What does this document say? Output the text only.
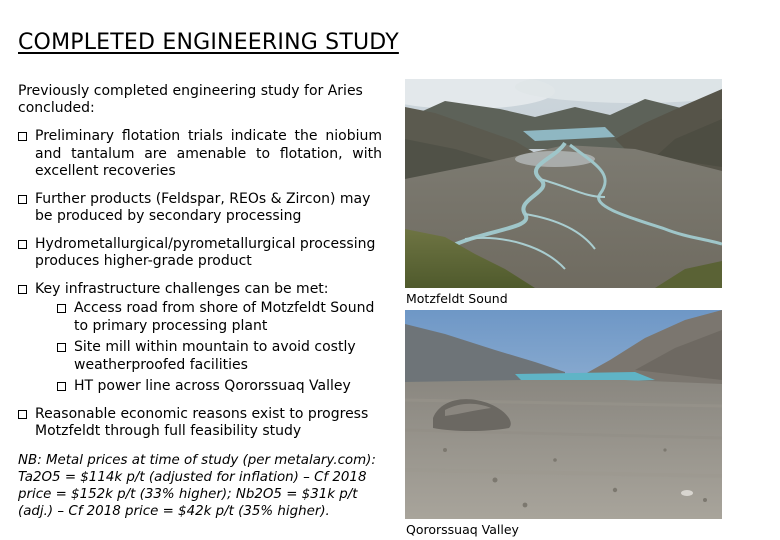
COMPLETED ENGINEERING STUDY
Previously completed engineering study for Aries concluded:
Preliminary flotation trials indicate the niobium and tantalum are amenable to flotation, with excellent recoveries
Further products (Feldspar, REOs & Zircon) may be produced by secondary processing
Hydrometallurgical/pyrometallurgical processing produces higher-grade product
Key infrastructure challenges can be met:
Access road from shore of Motzfeldt Sound to primary processing plant
Site mill within mountain to avoid costly weatherproofed facilities
HT power line across Qororssuaq Valley
Reasonable economic reasons exist to progress Motzfeldt through full feasibility study
NB: Metal prices at time of study (per metalary.com): Ta2O5 = $114k p/t (adjusted for inflation) – Cf 2018 price = $152k p/t (33% higher); Nb2O5 = $31k p/t (adj.) – Cf 2018 price = $42k p/t (35% higher).
Motzfeldt Sound
Qororssuaq Valley
